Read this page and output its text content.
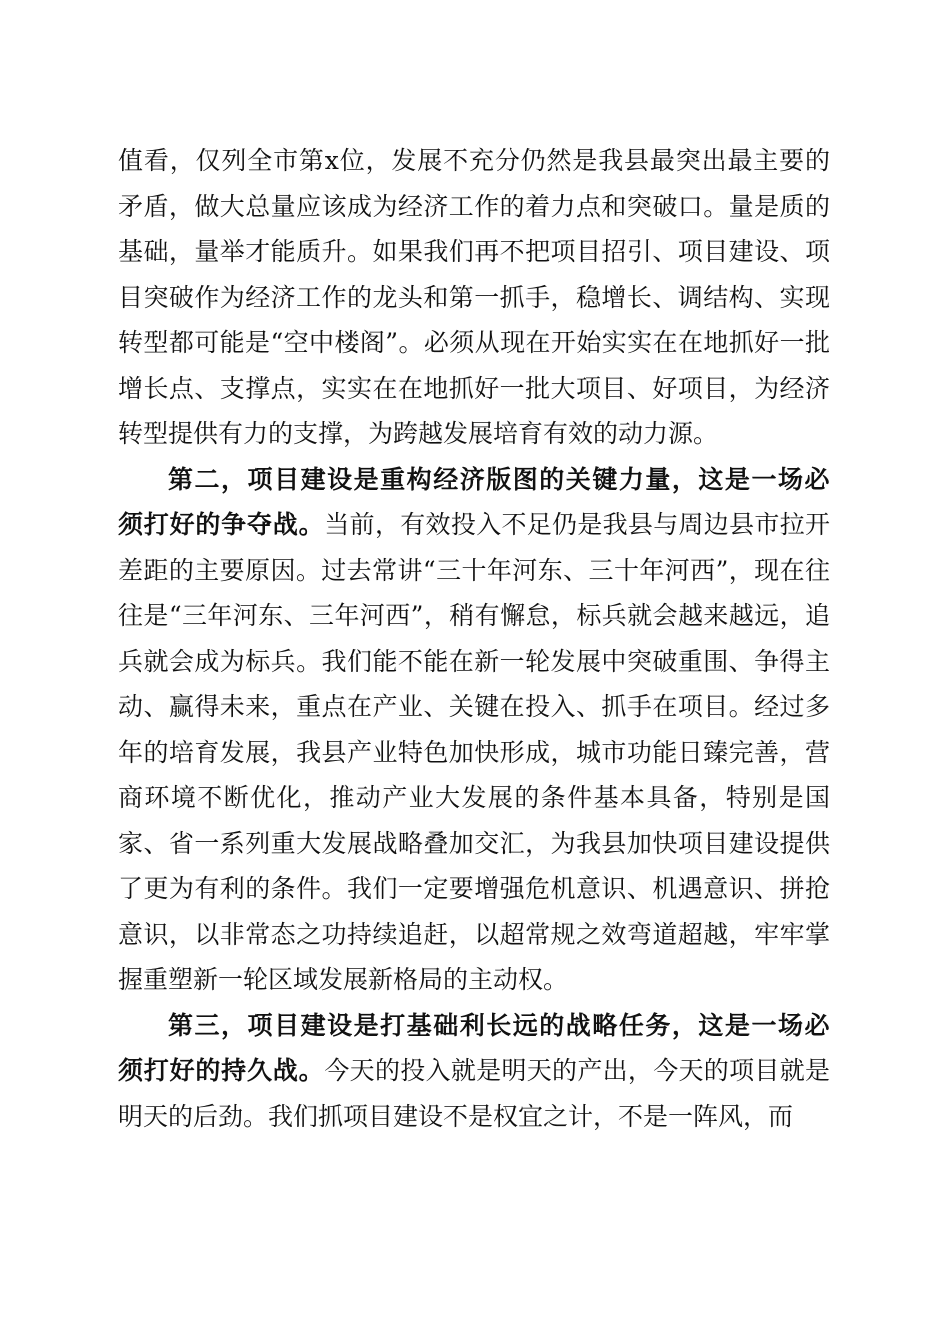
值看，仅列全市第x位，发展不充分仍然是我县最突出最主要的矛盾，做大总量应该成为经济工作的着力点和突破口。量是质的基础，量举才能质升。如果我们再不把项目招引、项目建设、项目突破作为经济工作的龙头和第一抓手，稳增长、调结构、实现转型都可能是“空中楼阁”。必须从现在开始实实在在地抓好一批增长点、支撑点，实实在在地抓好一批大项目、好项目，为经济转型提供有力的支撑，为跨越发展培育有效的动力源。

第二，项目建设是重构经济版图的关键力量，这是一场必须打好的争夺战。当前，有效投入不足仍是我县与周边县市拉开差距的主要原因。过去常讲“三十年河东、三十年河西”，现在往往是“三年河东、三年河西”，稍有懈怠，标兵就会越来越远，追兵就会成为标兵。我们能不能在新一轮发展中突破重围、争得主动、赢得未来，重点在产业、关键在投入、抓手在项目。经过多年的培育发展，我县产业特色加快形成，城市功能日臻完善，营商环境不断优化，推动产业大发展的条件基本具备，特别是国家、省一系列重大发展战略叠加交汇，为我县加快项目建设提供了更为有利的条件。我们一定要增强危机意识、机遇意识、拼抢意识，以非常态之功持续追赶，以超常规之效弯道超越，牢牢掌握重塑新一轮区域发展新格局的主动权。

第三，项目建设是打基础利长远的战略任务，这是一场必须打好的持久战。今天的投入就是明天的产出，今天的项目就是明天的后劲。我们抓项目建设不是权宜之计，不是一阵风，而
